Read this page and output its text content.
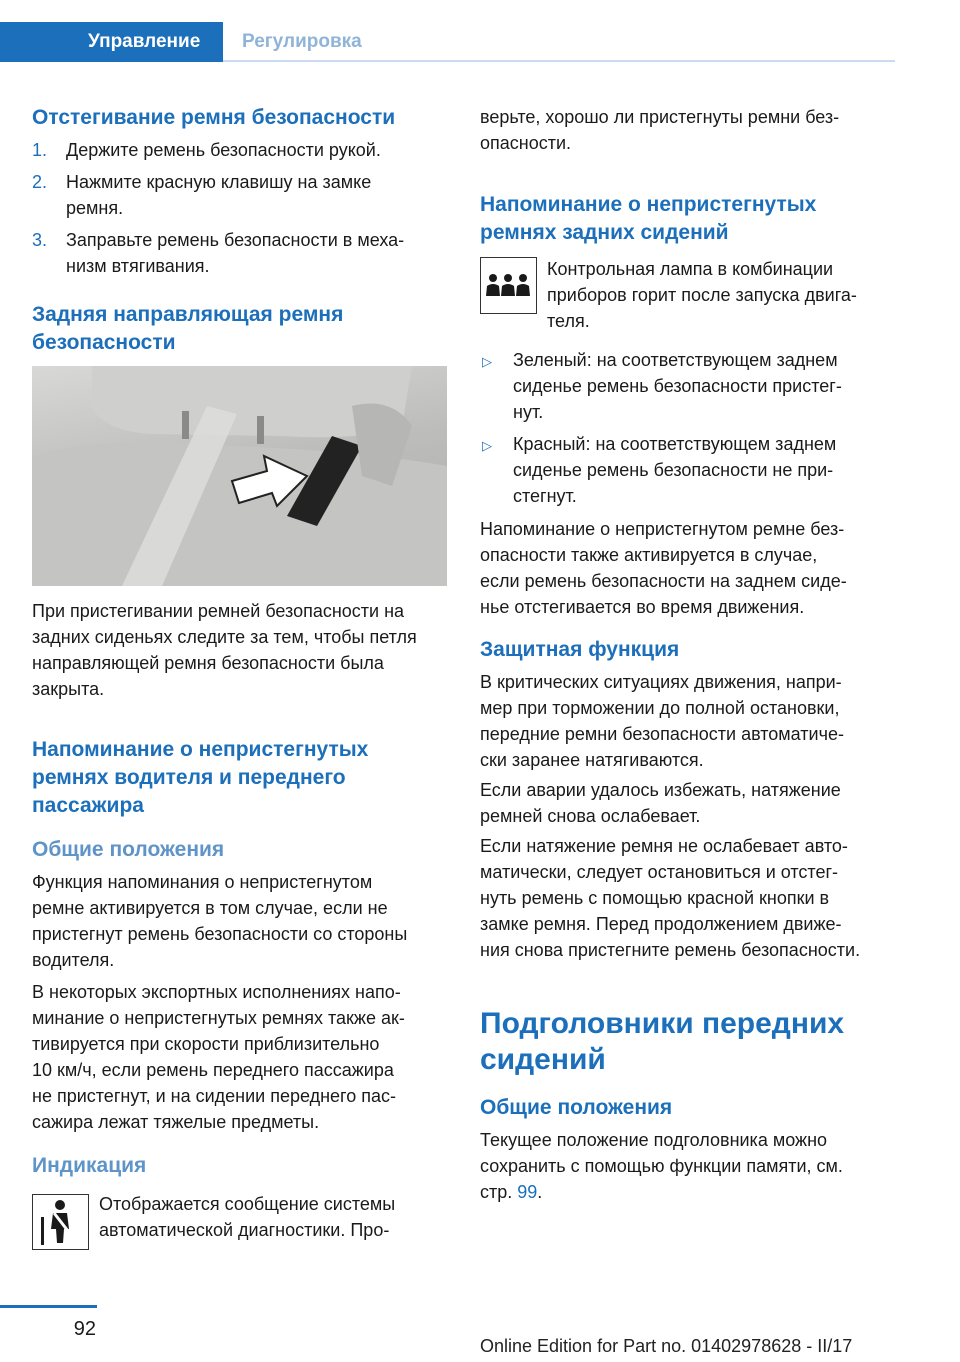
Управление Регулировка
Отстегивание ремня безопасности
1. Держите ремень безопасности рукой.
2. Нажмите красную клавишу на замке
ремня.
3. Заправьте ремень безопасности в меха-
низм втягивания.
Задняя направляющая ремня
безопасности
При пристегивании ремней безопасности на
задних сиденьях следите за тем, чтобы петля
направляющей ремня безопасности была
закрыта.
Напоминание о непристегнутых
ремнях водителя и переднего
пассажира
Общие положения
Функция напоминания о непристегнутом
ремне активируется в том случае, если не
пристегнут ремень безопасности со стороны
водителя.
В некоторых экспортных исполнениях напо-
минание о непристегнутых ремнях также ак-
тивируется при скорости приблизительно
10 км/ч, если ремень переднего пассажира
не пристегнут, и на сидении переднего пас-
сажира лежат тяжелые предметы.
Индикация
Отображается сообщение системы
автоматической диагностики. Про-
верьте, хорошо ли пристегнуты ремни без-
опасности.
Напоминание о непристегнутых
ремнях задних сидений
Контрольная лампа в комбинации
приборов горит после запуска двига-
теля.
▷ Зеленый: на соответствующем заднем
сиденье ремень безопасности пристег-
нут.
▷ Красный: на соответствующем заднем
сиденье ремень безопасности не при-
стегнут.
Напоминание о непристегнутом ремне без-
опасности также активируется в случае,
если ремень безопасности на заднем сиде-
нье отстегивается во время движения.
Защитная функция
В критических ситуациях движения, напри-
мер при торможении до полной остановки,
передние ремни безопасности автоматиче-
ски заранее натягиваются.
Если аварии удалось избежать, натяжение
ремней снова ослабевает.
Если натяжение ремня не ослабевает авто-
матически, следует остановиться и отстег-
нуть ремень с помощью красной кнопки в
замке ремня. Перед продолжением движе-
ния снова пристегните ремень безопасности.
Подголовники передних
сидений
Общие положения
Текущее положение подголовника можно
сохранить с помощью функции памяти, см.
стр. 99.
92
Online Edition for Part no. 01402978628 - II/17
